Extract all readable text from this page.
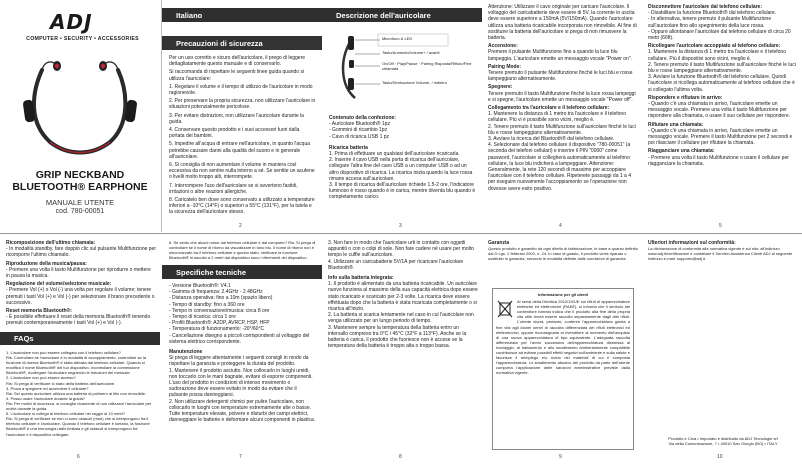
ADJ
COMPUTER • SECURITY • ACCESSORIES
GRIP NECKBAND
BLUETOOTH® EARPHONE
MANUALE UTENTE
cod. 780-00051
Italiano
Precauzioni di sicurezza

Per un uso corretto e sicuro dell'auricolare, il prego di leggere dettagliatamente questo manuale e di conservarlo.

Si raccomanda di rispettare le seguenti linee guida quando si utilizza l'auricolare:

1. Regolare il volume e il tempo di utilizzo de l'auricolare in modo ragionevole.

2. Per preservare la propria sicurezza, non utilizzare l'auricolare in situazioni potenzialmente pericolose.

3. Per evitare distrazioni, non utilizzare l'auricolare durante la guida.

4. Conservare questo prodotto e i suoi accessori fuori dalla portata dei bambini.

5. Impedire all'acqua di entrare nell'auricolare, in quanto l'acqua potrebbe causare danni alla qualità del suono e in generale all'auricolare.

6. Si consiglia di non aumentare il volume in maniera così eccessiva da non sentire nulla intorno a sé. Se sentite un acufene o livelli molto troppo alti, interrompete.

7. Interrompere l'uso dell'auricolare se si avvertono fastidi, irritazioni o altre reazioni allergiche.

8. Caricatelo ben dove sono conservato a utilizzato a temperature inferiori a -10°C (14°F) o superiori a 55°C (131°F), per la tutela e la sicurezza dell'auricolare stesso.

2
Descrizione dell'auricolare
Microfono & LED
Tasto/Aumento/Volume+ / avanti
On/Off · Play/Pause · Pairing Risposta/Rifiuto/Fine chiamata
Tasto/Diminuzione Volume- / indietro

Contenuto della confezione:

- Auricolare Bluetooth® 1pz

- Gommini di ricambio 1pz

- Cavo di ricarica USB 1 pz

Ricarica batteria

1. Prima di effettuare un qualsiasi dell'auricolare ricaricarla.
2. Inserire il cavo USB nella porta di ricarica dell'auricolare, collegare l'altra fine del cavo USB a un computer USB o ad un altro dispositivo di ricarica. La ricarica inizia quando la luce rossa rimane accesa sull'auricolare.
3. Il tempo di ricarica dell'auricolare richiede 1.5-2 ore, l'indicatore luminoso è rosso quando è in carica, mentre diventa blu quando è completamente carico.

3

Attenzione: Utilizzare il cavo originale per caricare l'auricolare. Il voltaggio del caricabatterie deve essere di 5V, la corrente in uscita deve essere superiore a 150mA (5V/150mA). Quando l'auricolare utilizza una batteria ricaricabile incorporata non rimovibile. Al fine di sostituire la batteria dell'auricolare si prega di non rimuovere la batteria.

Accensione:

Premere il pulsante Multifunzione fino a quando la luce blu lampeggia. L'auricolare emette un messaggio vocale "Power on".

Pairing Mode:

Tenere premuto il pulsante Multifunzione finché le luci blu e rosse lampeggiano alternativamente.

Spegnere:

Tenere premuto il tasto Multifunzione finché la luce rossa lampeggi e si spegne, l'auricolare emette un messaggio vocale "Power off".

Collegamento tra l'auricolare e il telefono cellulare:

1. Mantenere la distanza di 1 metro tra l'auricolare e il telefono cellulare. Più vi è possibile sono vicini, meglio è.
2. Tenere premuto il tasto Multifunzione sull'auricolare finché le luci blu e rosse lampeggiano alternativamente.
3. Avviare la ricerca del Bluetooth® dal telefono cellulare.
4. Selezionare dal telefono cellulare il dispositivo "780-00051" (a seconda dei telefoni cellulari) e inserire il PIN "0000" come password, l'auricolare si collegherà automaticamente al telefono cellulare, la luce blu indicherà a lampeggiare. Attenzione: Generalmente, la rete 120 secondi di massimo per accoppiare l'auricolare con il telefono cellulare. Ripeterete passaggi da 1 a 4 per eseguire nuovamente l'accoppiamento se l'operazione non dovesse avere esito positivo.

4

Disconnettere l'auricolare dal telefono cellulare:

- Disabilitare la funzione Bluetooth® dal telefono cellulare.
- In alternativa, tenere premuto il pulsante Multifunzione sull'auricolare fino allo spegnimento della luce rossa.
- Oppure allontanare l'auricolare dal telefono cellulare di circa 20 metri (66ft).

Ricollegare l'auricolare accoppiato al telefono cellulare:

1. Mantenere la distanza di 1 metro tra l'auricolare e il telefono cellulare. Più il dispositivi sono vicini, meglio è.
2. Tenere premuto il tasto Multifunzione sull'auricolare finché le luci blu e rosse lampeggiano alternativamente.
3. Avviare la funzione Bluetooth® del telefono cellulare. Quindi l'auricolare si ricollega automaticamente al telefono cellulare che è si collegato l'ultima volta.

Rispondere e rifiutare in arrivo:

- Quando c'è una chiamata in arrivo, l'auricolare emette un messaggio vocale. Premere una volta il tasto Multifunzione per rispondere alla chiamata, o usare il suo cellulare per rispondere.

Rifiutare una chiamata:

- Quando c'è una chiamata in arrivo, l'auricolare emette un messaggio vocale. Premere il tasto Multifunzione per 2 secondi e poi rilasciare il cellulare per rifiutare la chiamata.

Riagganciare una chiamata:

- Premere una volta il tasto Multifunzione o usare il cellulare per riagganciare la chiamata.

5

Ricomposizione dell'ultimo chiamata:

- In modalità standby, fare doppio clic sul pulsante Multifunzione per ricomporre l'ultimo chiamato.

Riproduzione della musica/pausa:

- Premere una volta il tasto Multifunzione per riprodurre o mettere in pausa la musica.

Regolazione del volume/selezione musicale:

- Premere Vol (+) o Vol (-) una volta per regolare il volume; tenere premuti i tasti Vol (+) e Vol (-) per selezionare il brano precedente o successivo.

Reset memoria Bluetooth®:

- È possibile effettuare il reset della memoria Bluetooth® tenendo premuti contemporaneamente i tasti Vol (+) e Vol (-).

FAQs

1. L'auricolare non può essere collegato con il telefono cellulare?
Ris: Controllare se l'auricolare è in modalità di accoppiamento, controllare se la funzione di ricerca Bluetooth® è stata attivata dal telefono cellulare. Quando si modifica il nome Bluetooth® del tuo dispositivo, ricontrollare la connessione Bluetooth®, ricollegare l'auricolare seguendo le istruzioni del manuale.
2. L'auricolare non può essere acceso?
Ris: Si prega di verificare lo stato della batteria dell'auricolare.
3. Prova a spegnere ed accendere il cellulare?
Ris: Sei questo auricolare utilizza una batteria al polimero al litio non rimovibile.
4. Posso usare l'auricolare durante la guida?
Ris: Per motivi di sicurezza, si consiglia vivamente di non utilizzare l'auricolare per motivi durante la guida.
5. L'auricolare si collega al telefono cellulare nel raggio di 10 metri?
Ris: Si prega di verificare se non ci sono ostacoli (muri) che si interpongono fra il telefono cellulare e l'auricolare. Quando il telefono cellulare è lontano, la funzione Bluetooth® è una tecnologia radio limitata e gli ostacoli si interpongono tra l'auricolare e il dispositivo collegato.

6

6. Se sento che alcuni nome dal telefono cellulare è dal computer? Ris: Si prega di controllare se il nome di ritorno da visualizzare in tono blu. Il nome di ritorno non è sincronizzato tra il telefono cellulare e questo stato, verificare la funzione Bluetooth® in ascolto a 2 metri dal dispositivo sono i riferimenti del dispositivo.

Specifiche tecniche

- Versione Bluetooth®: V4.1

- Gamma di frequenza: 2.4GHz - 2.48GHz

- Distanza operativa: fino a 10m (spazio libero)

- Tempo di standby: fino a 360 ore

- Tempo in conversazione/musica: circa 8 ore

- Tempo di ricarica: circa 1 ore

- Profili Bluetooth®: A2DP, AVRCP, HSP, HFP

- Temperatura di funzionamento: -20°/60°C

- Cancellazione disegno a piccoli corrispondenti al voltaggio del sistema elettrico corrispondente.

Manutenzione

Si prega di leggere attentamente i seguenti consigli in modo da rispettare la garanzia e proteggere la durata del prodotto.
1. Mantenere il prodotto asciutto. Non collocarlo in luoghi umidi, non toccarlo con le mani bagnate, evitare di esporre componenti. L'uso del prodotto in condizioni di intenso movimento o sudorazione deve essere evitato in modo da evitare che il pulsante possa danneggiarsi.
2. Non utilizzare detergenti chimici per pulire l'auricolare, non collocarlo in luoghi con temperature estremamente alte o basse. Tutte temperature elevate, polvere e disturbi dei campi elettrici, danneggiare le batterie e deformare alcuni componenti in plastica.

7

3. Non fare in modo che l'auricolare urti in contatto con oggetti appuntiti o con o colpi di sole. Non fare cadere né usare per molto tempo le cuffie sull'auricolare.
4. Utilizzare un caricabatterie 5V/1A per ricaricare l'auricolare Bluetooth®.

Info sulla batteria integrata:

1. Il prodotto è alimentato da una batteria ricaricabile. Un auricolare nuovo funziona al massimo della sua capacità elettrica dopo essere stato ricaricato e scaricato per 2-3 volte. La ricarica deve essere effettuata dopo che la batteria è stata ricaricata completamente o si ricarica all'inizio.
2. La batteria si scarica lentamente nel caso in cui l'auricolare non venga utilizzato per un lungo periodo di tempo.
3. Mantenere sempre la temperatura della batteria entro un intervallo compreso tra 0°C / 45°C (32°F a 113°F). Anche se la batteria è carica, il prodotto che fuoriesce non è accese se la temperatura della batteria è troppo alta o troppo bassa.

8

Garanzia

Questo prodotto è garantito da ogni difetto di fabbricazione, in base a quanto definito dal D.Lgs. 2 febbraio 2002, n. 24. In caso di guasto, il prodotto verrà riparato o sostituito in garanzia, secondo le modalità definite dalle condizioni di garanzia.

Informazione per gli utenti

Ai sensi della Direttiva 2012/19/UE sui rifiuti di apparecchiature elettriche ed elettroniche (RAEE), si informa che il simbolo del contenitore barrato indica che il prodotto alla fine della propria vita utile dovrà essere raccolto separatamente dagli altri rifiuti. L'utente dovrà, pertanto, conferire l'apparecchiatura giunta a fine vita agli idonei centri di raccolta differenziata dei rifiuti elettronici ed elettrotecnici, oppure riconsegnarla al rivenditore al momento dell'acquisto di una nuova apparecchiatura di tipo equivalente. L'adeguata raccolta differenziata per l'avvio successivo dell'apparecchiatura dismessa al riciclaggio, al trattamento e allo smaltimento ambientalmente compatibile contribuisce ad evitare possibili effetti negativi sull'ambiente e sulla salute e favorisce il reimpiego e/o riciclo dei materiali di cui è composta l'apparecchiatura. Lo smaltimento abusivo del prodotto da parte dell'utente comporta l'applicazione delle sanzioni amministrative previste dalla normativa vigente.

9

Ulteriori informazioni sul conformità:

La dichiarazione di conformità alla normativa vigente è sul sito: all'indirizzo www.adj.it/certificazioni e contattare il Servizio Assistenza Clienti ADJ al seguente indirizzo e-mail: supporto@adj.it

Prodotto e Cina • Importato e distribuito da ADJ Tecnologie srl
Via della Comunicazione, 7 • 40010 San Giorgio (BO) • ITALY
10
